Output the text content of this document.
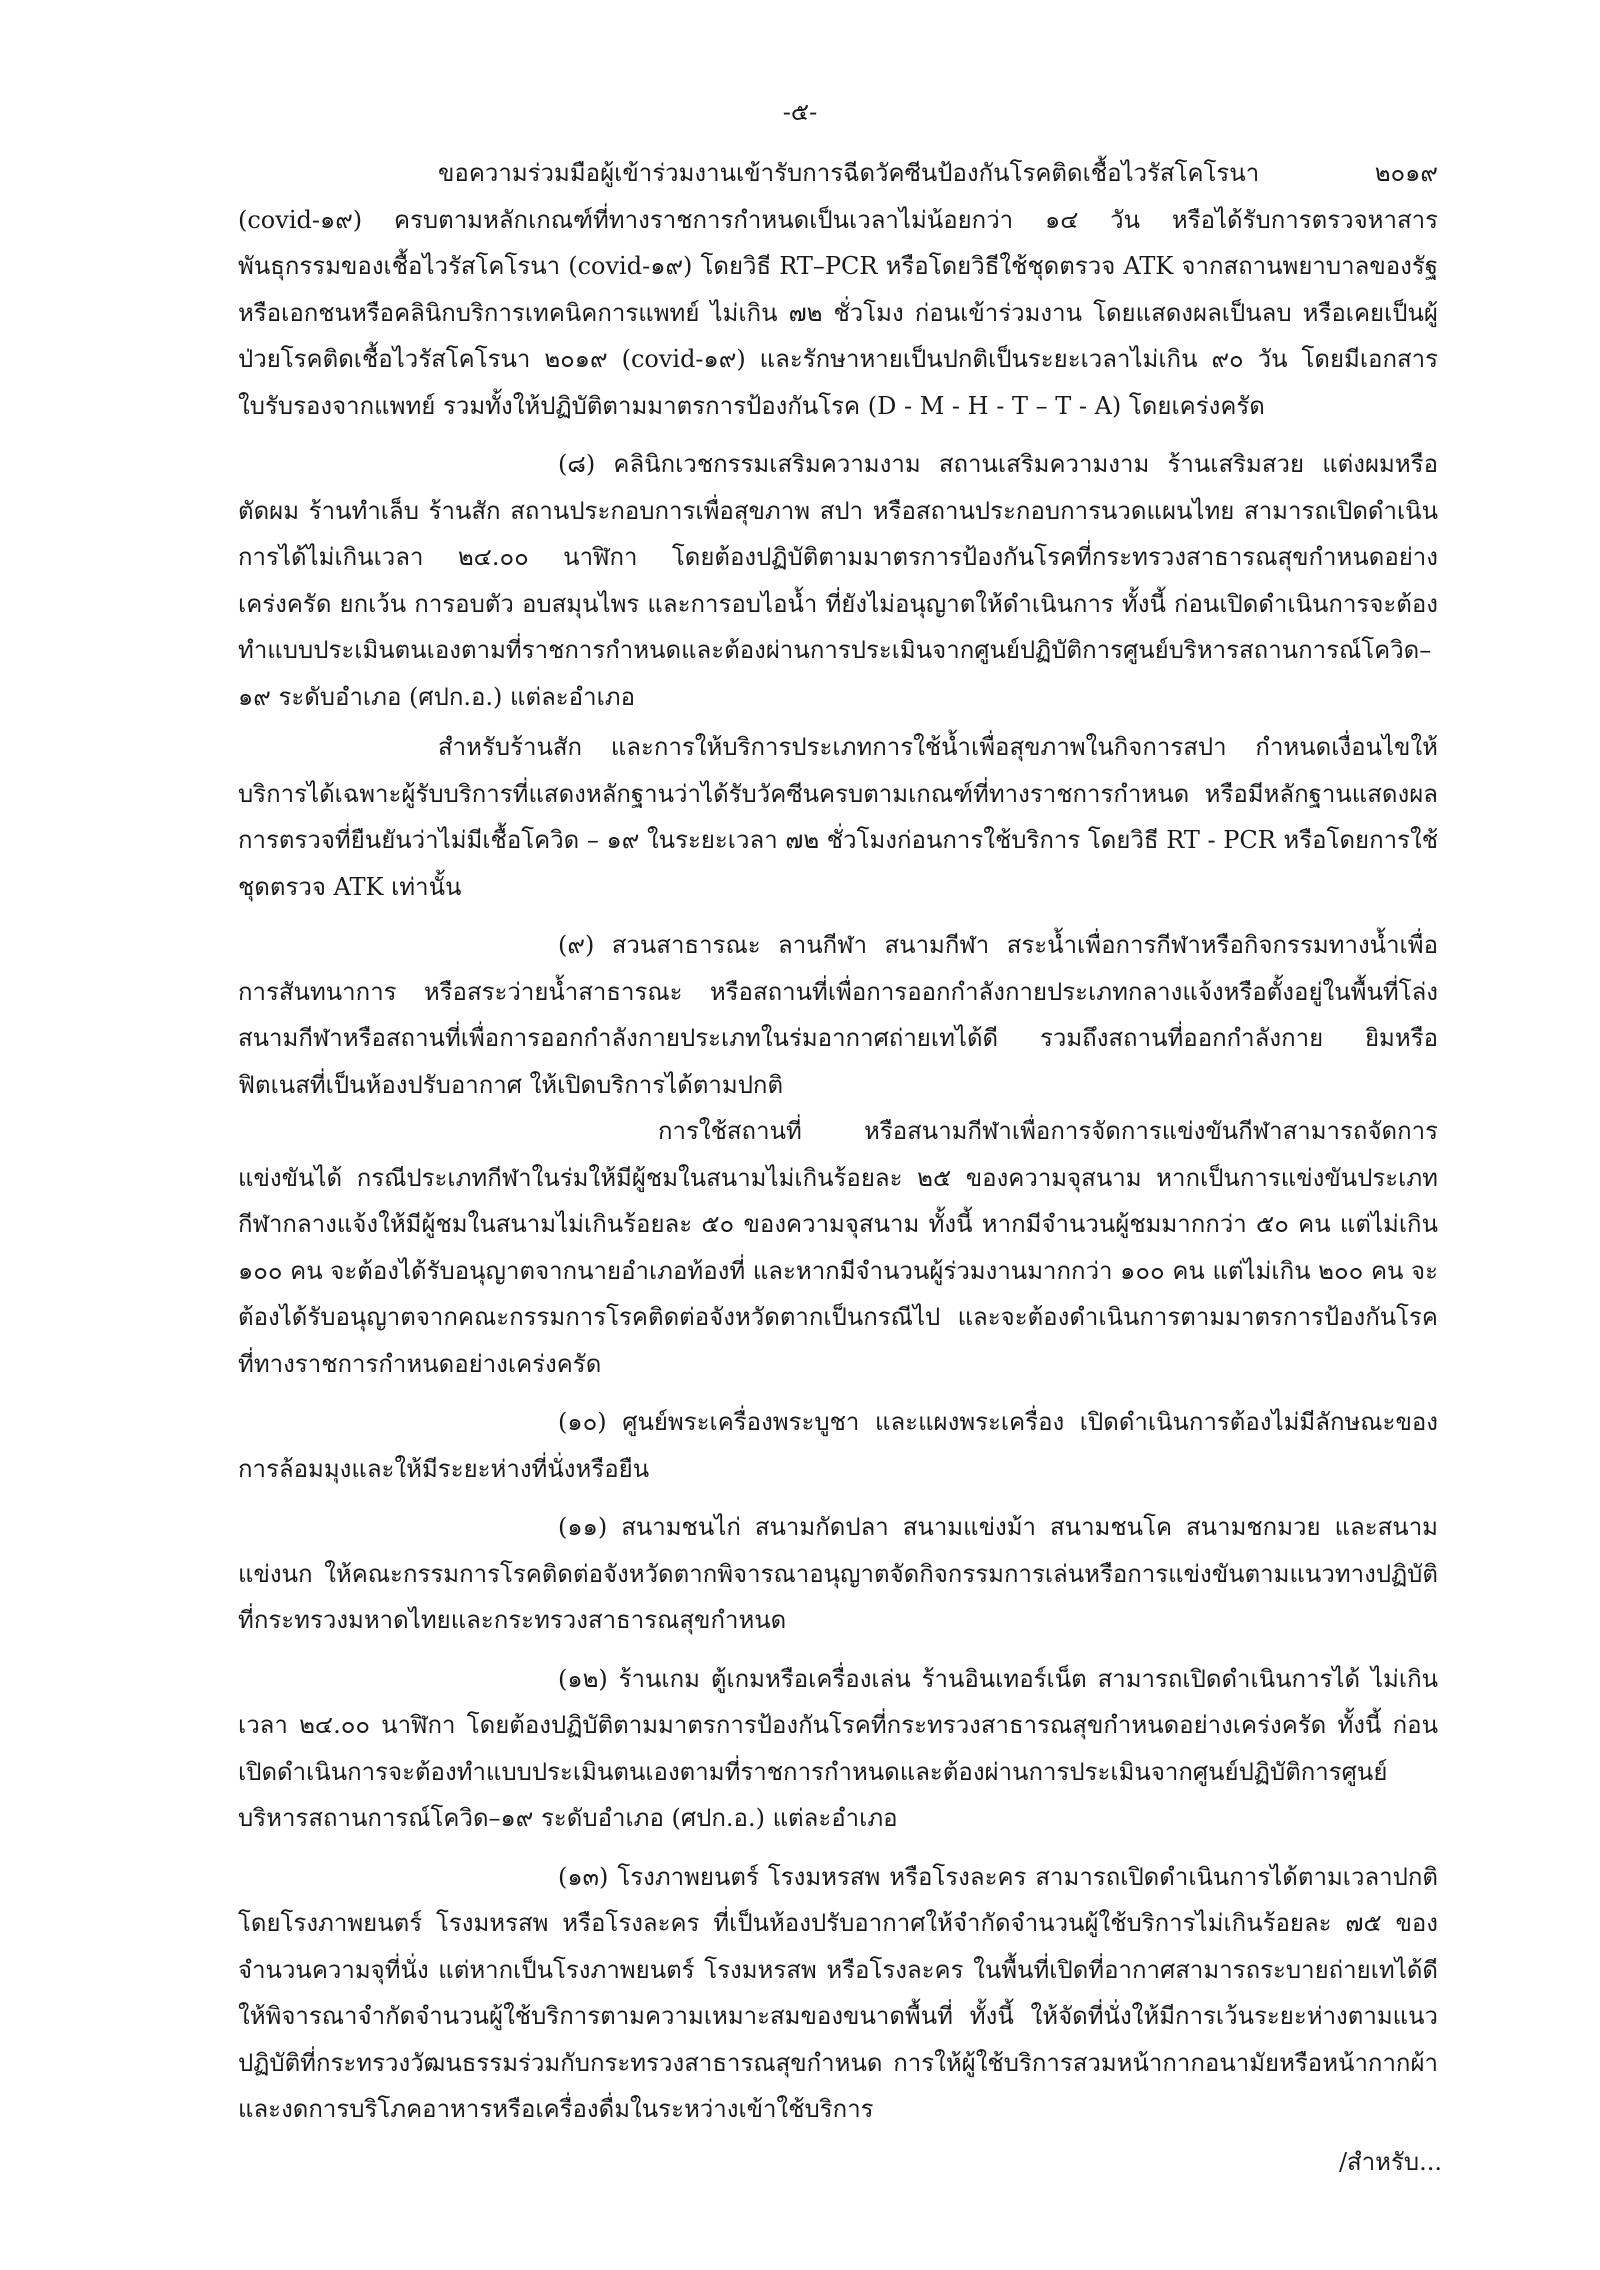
-๕-

ขอความร่วมมือผู้เข้าร่วมงานเข้ารับการฉีดวัคซีนป้องกันโรคติดเชื้อไวรัสโคโรนา ๒๐๑๙ (covid-๑๙) ครบตามหลักเกณฑ์ที่ทางราชการกำหนดเป็นเวลาไม่น้อยกว่า ๑๔ วัน หรือได้รับการตรวจหาสารพันธุกรรมของเชื้อไวรัสโคโรนา (covid-๑๙) โดยวิธี RT–PCR หรือโดยวิธีใช้ชุดตรวจ ATK จากสถานพยาบาลของรัฐหรือเอกชนหรือคลินิกบริการเทคนิคการแพทย์ ไม่เกิน ๗๒ ชั่วโมง ก่อนเข้าร่วมงาน โดยแสดงผลเป็นลบ หรือเคยเป็นผู้ป่วยโรคติดเชื้อไวรัสโคโรนา ๒๐๑๙ (covid-๑๙) และรักษาหายเป็นปกติเป็นระยะเวลาไม่เกิน ๙๐ วัน โดยมีเอกสารใบรับรองจากแพทย์ รวมทั้งให้ปฏิบัติตามมาตรการป้องกันโรค (D - M - H - T – T - A) โดยเคร่งครัด

(๘) คลินิกเวชกรรมเสริมความงาม สถานเสริมความงาม ร้านเสริมสวย แต่งผมหรือตัดผม ร้านทำเล็บ ร้านสัก สถานประกอบการเพื่อสุขภาพ สปา หรือสถานประกอบการนวดแผนไทย สามารถเปิดดำเนินการได้ไม่เกินเวลา ๒๔.๐๐ นาฬิกา โดยต้องปฏิบัติตามมาตรการป้องกันโรคที่กระทรวงสาธารณสุขกำหนดอย่างเคร่งครัด ยกเว้น การอบตัว อบสมุนไพร และการอบไอน้ำ ที่ยังไม่อนุญาตให้ดำเนินการ ทั้งนี้ ก่อนเปิดดำเนินการจะต้องทำแบบประเมินตนเองตามที่ราชการกำหนดและต้องผ่านการประเมินจากศูนย์ปฏิบัติการศูนย์บริหารสถานการณ์โควิด–๑๙ ระดับอำเภอ (ศปก.อ.) แต่ละอำเภอ

สำหรับร้านสัก และการให้บริการประเภทการใช้น้ำเพื่อสุขภาพในกิจการสปา กำหนดเงื่อนไขให้บริการได้เฉพาะผู้รับบริการที่แสดงหลักฐานว่าได้รับวัคซีนครบตามเกณฑ์ที่ทางราชการกำหนด หรือมีหลักฐานแสดงผลการตรวจที่ยืนยันว่าไม่มีเชื้อโควิด – ๑๙ ในระยะเวลา ๗๒ ชั่วโมงก่อนการใช้บริการ โดยวิธี RT - PCR หรือโดยการใช้ชุดตรวจ ATK เท่านั้น

(๙) สวนสาธารณะ ลานกีฬา สนามกีฬา สระน้ำเพื่อการกีฬาหรือกิจกรรมทางน้ำเพื่อการสันทนาการ หรือสระว่ายน้ำสาธารณะ หรือสถานที่เพื่อการออกกำลังกายประเภทกลางแจ้งหรือตั้งอยู่ในพื้นที่โล่งสนามกีฬาหรือสถานที่เพื่อการออกกำลังกายประเภทในร่มอากาศถ่ายเทได้ดี รวมถึงสถานที่ออกกำลังกาย ยิมหรือฟิตเนสที่เป็นห้องปรับอากาศ ให้เปิดบริการได้ตามปกติ

การใช้สถานที่ หรือสนามกีฬาเพื่อการจัดการแข่งขันกีฬาสามารถจัดการแข่งขันได้ กรณีประเภทกีฬาในร่มให้มีผู้ชมในสนามไม่เกินร้อยละ ๒๕ ของความจุสนาม หากเป็นการแข่งขันประเภทกีฬากลางแจ้งให้มีผู้ชมในสนามไม่เกินร้อยละ ๕๐ ของความจุสนาม ทั้งนี้ หากมีจำนวนผู้ชมมากกว่า ๕๐ คน แต่ไม่เกิน ๑๐๐ คน จะต้องได้รับอนุญาตจากนายอำเภอท้องที่ และหากมีจำนวนผู้ร่วมงานมากกว่า ๑๐๐ คน แต่ไม่เกิน ๒๐๐ คน จะต้องได้รับอนุญาตจากคณะกรรมการโรคติดต่อจังหวัดตากเป็นกรณีไป และจะต้องดำเนินการตามมาตรการป้องกันโรคที่ทางราชการกำหนดอย่างเคร่งครัด

(๑๐) ศูนย์พระเครื่องพระบูชา และแผงพระเครื่อง เปิดดำเนินการต้องไม่มีลักษณะของการล้อมมุงและให้มีระยะห่างที่นั่งหรือยืน

(๑๑) สนามชนไก่ สนามกัดปลา สนามแข่งม้า สนามชนโค สนามชกมวย และสนามแข่งนก ให้คณะกรรมการโรคติดต่อจังหวัดตากพิจารณาอนุญาตจัดกิจกรรมการเล่นหรือการแข่งขันตามแนวทางปฏิบัติที่กระทรวงมหาดไทยและกระทรวงสาธารณสุขกำหนด

(๑๒) ร้านเกม ตู้เกมหรือเครื่องเล่น ร้านอินเทอร์เน็ต สามารถเปิดดำเนินการได้ ไม่เกินเวลา ๒๔.๐๐ นาฬิกา โดยต้องปฏิบัติตามมาตรการป้องกันโรคที่กระทรวงสาธารณสุขกำหนดอย่างเคร่งครัด ทั้งนี้ ก่อนเปิดดำเนินการจะต้องทำแบบประเมินตนเองตามที่ราชการกำหนดและต้องผ่านการประเมินจากศูนย์ปฏิบัติการศูนย์บริหารสถานการณ์โควิด–๑๙ ระดับอำเภอ (ศปก.อ.) แต่ละอำเภอ

(๑๓) โรงภาพยนตร์ โรงมหรสพ หรือโรงละคร สามารถเปิดดำเนินการได้ตามเวลาปกติ โดยโรงภาพยนตร์ โรงมหรสพ หรือโรงละคร ที่เป็นห้องปรับอากาศให้จำกัดจำนวนผู้ใช้บริการไม่เกินร้อยละ ๗๕ ของจำนวนความจุที่นั่ง แต่หากเป็นโรงภาพยนตร์ โรงมหรสพ หรือโรงละคร ในพื้นที่เปิดที่อากาศสามารถระบายถ่ายเทได้ดี ให้พิจารณาจำกัดจำนวนผู้ใช้บริการตามความเหมาะสมของขนาดพื้นที่ ทั้งนี้ ให้จัดที่นั่งให้มีการเว้นระยะห่างตามแนวปฏิบัติที่กระทรวงวัฒนธรรมร่วมกับกระทรวงสาธารณสุขกำหนด การให้ผู้ใช้บริการสวมหน้ากากอนามัยหรือหน้ากากผ้า และงดการบริโภคอาหารหรือเครื่องดื่มในระหว่างเข้าใช้บริการ

/สำหรับ...
